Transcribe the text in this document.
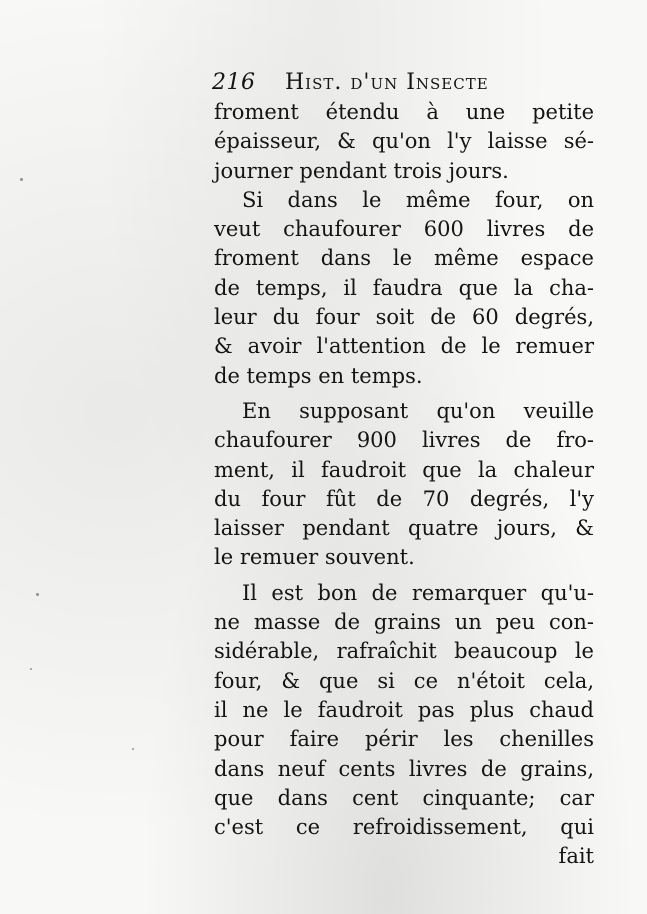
216 Hist. d'un Insecte
froment étendu à une petite
épaisseur, & qu'on l'y laisse sé-
journer pendant trois jours.
Si dans le même four, on
veut chaufourer 600 livres de
froment dans le même espace
de temps, il faudra que la cha-
leur du four soit de 60 degrés,
& avoir l'attention de le remuer
de temps en temps.
En supposant qu'on veuille
chaufourer 900 livres de fro-
ment, il faudroit que la chaleur
du four fût de 70 degrés, l'y
laisser pendant quatre jours, &
le remuer souvent.
Il est bon de remarquer qu'u-
ne masse de grains un peu con-
sidérable, rafraîchit beaucoup le
four, & que si ce n'étoit cela,
il ne le faudroit pas plus chaud
pour faire périr les chenilles
dans neuf cents livres de grains,
que dans cent cinquante; car
c'est ce refroidissement, qui
fait
